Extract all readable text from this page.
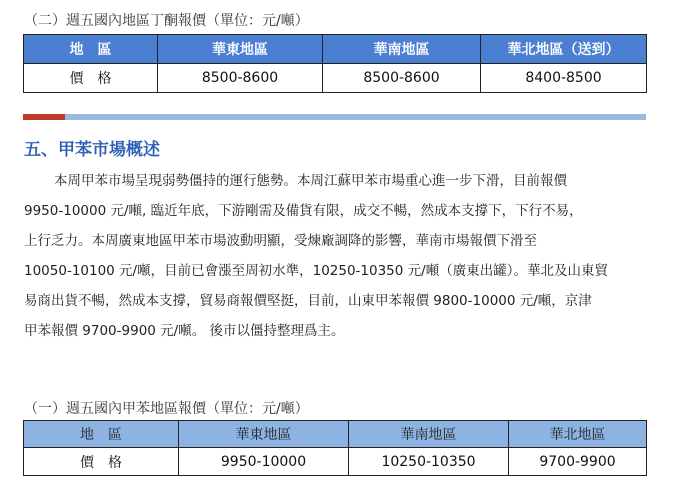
（二）週五國內地區丁酮報價（單位：元/噸）
地　區	華東地區	華南地區	華北地區（送到）
價　格	8500-8600	8500-8600	8400-8500
五、甲苯市場概述
本周甲苯市場呈現弱勢僵持的運行態勢。本周江蘇甲苯市場重心進一步下滑，目前報價
9950-10000 元/噸, 臨近年底，下游剛需及備貨有限，成交不暢，然成本支撐下，下行不易，
上行乏力。本周廣東地區甲苯市場波動明顯，受煉廠調降的影響，華南市場報價下滑至
10050-10100 元/噸，目前已會漲至周初水準，10250-10350 元/噸（廣東出罐）。華北及山東貿
易商出貨不暢，然成本支撐，貿易商報價堅挺，目前，山東甲苯報價 9800-10000 元/噸，京津
甲苯報價 9700-9900 元/噸。 後市以僵持整理爲主。
（一）週五國內甲苯地區報價（單位：元/噸）
地　區	華東地區	華南地區	華北地區
價　格	9950-10000	10250-10350	9700-9900
